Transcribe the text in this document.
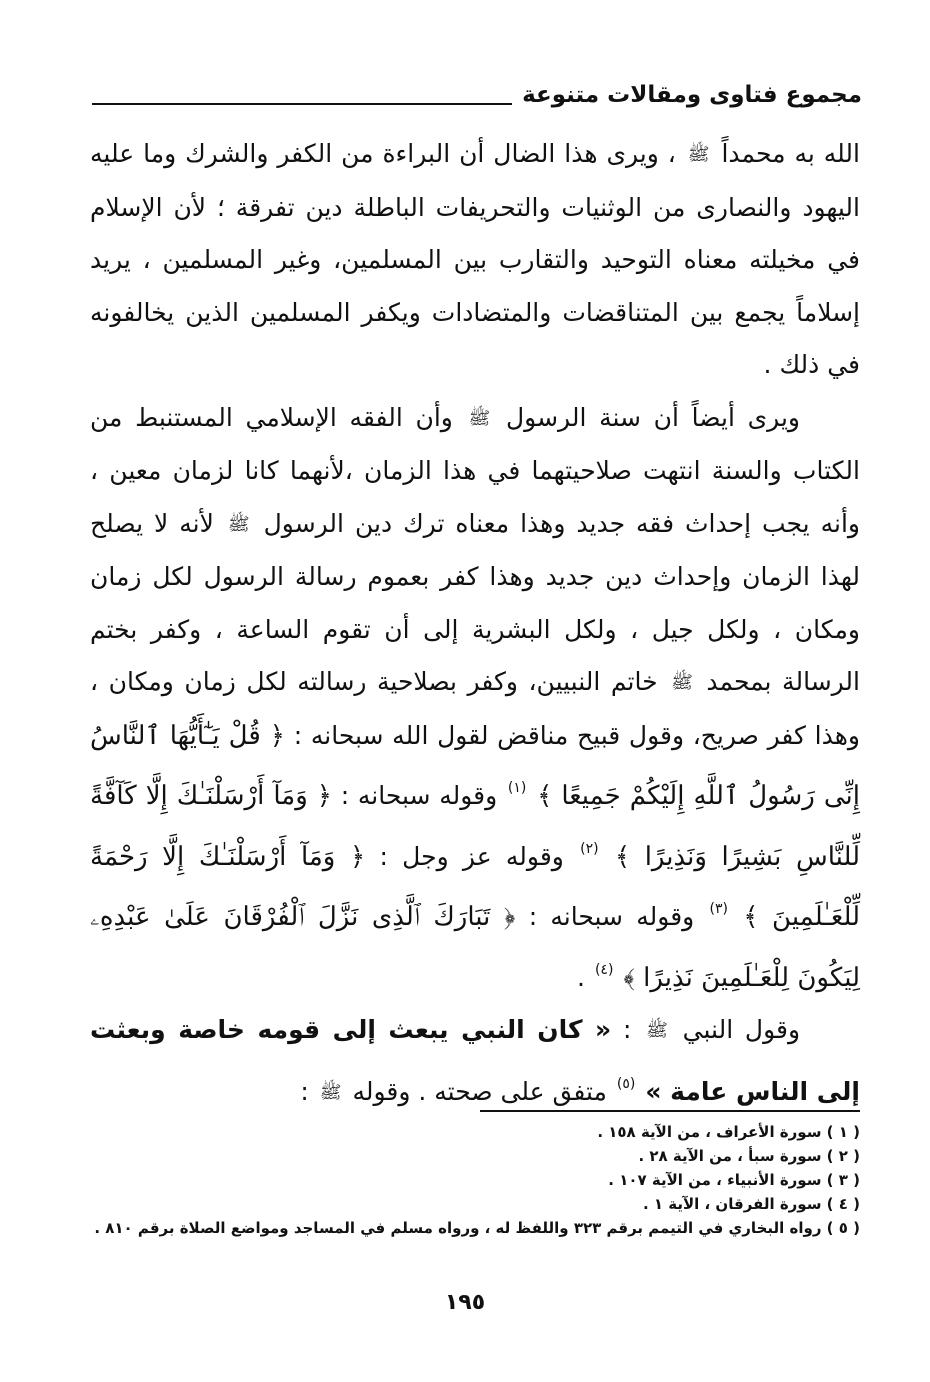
مجموع فتاوى ومقالات متنوعة

الله به محمداً ﷺ ، ويرى هذا الضال أن البراءة من الكفر والشرك وما عليه اليهود والنصارى من الوثنيات والتحريفات الباطلة دين تفرقة ؛ لأن الإسلام في مخيلته معناه التوحيد والتقارب بين المسلمين، وغير المسلمين ، يريد إسلاماً يجمع بين المتناقضات والمتضادات ويكفر المسلمين الذين يخالفونه في ذلك .

ويرى أيضاً أن سنة الرسول ﷺ وأن الفقه الإسلامي المستنبط من الكتاب والسنة انتهت صلاحيتهما في هذا الزمان ،لأنهما كانا لزمان معين ، وأنه يجب إحداث فقه جديد وهذا معناه ترك دين الرسول ﷺ لأنه لا يصلح لهذا الزمان وإحداث دين جديد وهذا كفر بعموم رسالة الرسول لكل زمان ومكان ، ولكل جيل ، ولكل البشرية إلى أن تقوم الساعة ، وكفر بختم الرسالة بمحمد ﷺ خاتم النبيين، وكفر بصلاحية رسالته لكل زمان ومكان ، وهذا كفر صريح، وقول قبيح مناقض لقول الله سبحانه : ﴿ قُلْ يَـٰٓأَيُّهَا ٱلنَّاسُ إِنِّى رَسُولُ ٱللَّهِ إِلَيْكُمْ جَمِيعًا ﴾ $^{(١)}$ وقوله سبحانه : ﴿ وَمَآ أَرْسَلْنَـٰكَ إِلَّا كَآفَّةً لِّلنَّاسِ بَشِيرًا وَنَذِيرًا ﴾ $^{(٢)}$ وقوله عز وجل : ﴿ وَمَآ أَرْسَلْنَـٰكَ إِلَّا رَحْمَةً لِّلْعَـٰلَمِينَ ﴾ $^{(٣)}$ وقوله سبحانه : ﴿ تَبَارَكَ ٱلَّذِى نَزَّلَ ٱلْفُرْقَانَ عَلَىٰ عَبْدِهِۦ لِيَكُونَ لِلْعَـٰلَمِينَ نَذِيرًا ﴾ $^{(٤)}$ .

وقول النبي ﷺ : « كان النبي يبعث إلى قومه خاصة وبعثت إلى الناس عامة » $^{(٥)}$ متفق على صحته . وقوله ﷺ :

( ١ ) سورة الأعراف ، من الآية ١٥٨ .
( ٢ ) سورة سبأ ، من الآية ٢٨ .
( ٣ ) سورة الأنبياء ، من الآية ١٠٧ .
( ٤ ) سورة الفرقان ، الآية ١ .
( ٥ ) رواه البخاري في التيمم برقم ٣٢٣ واللفظ له ، ورواه مسلم في المساجد ومواضع الصلاة برقم ٨١٠ .
١٩٥
